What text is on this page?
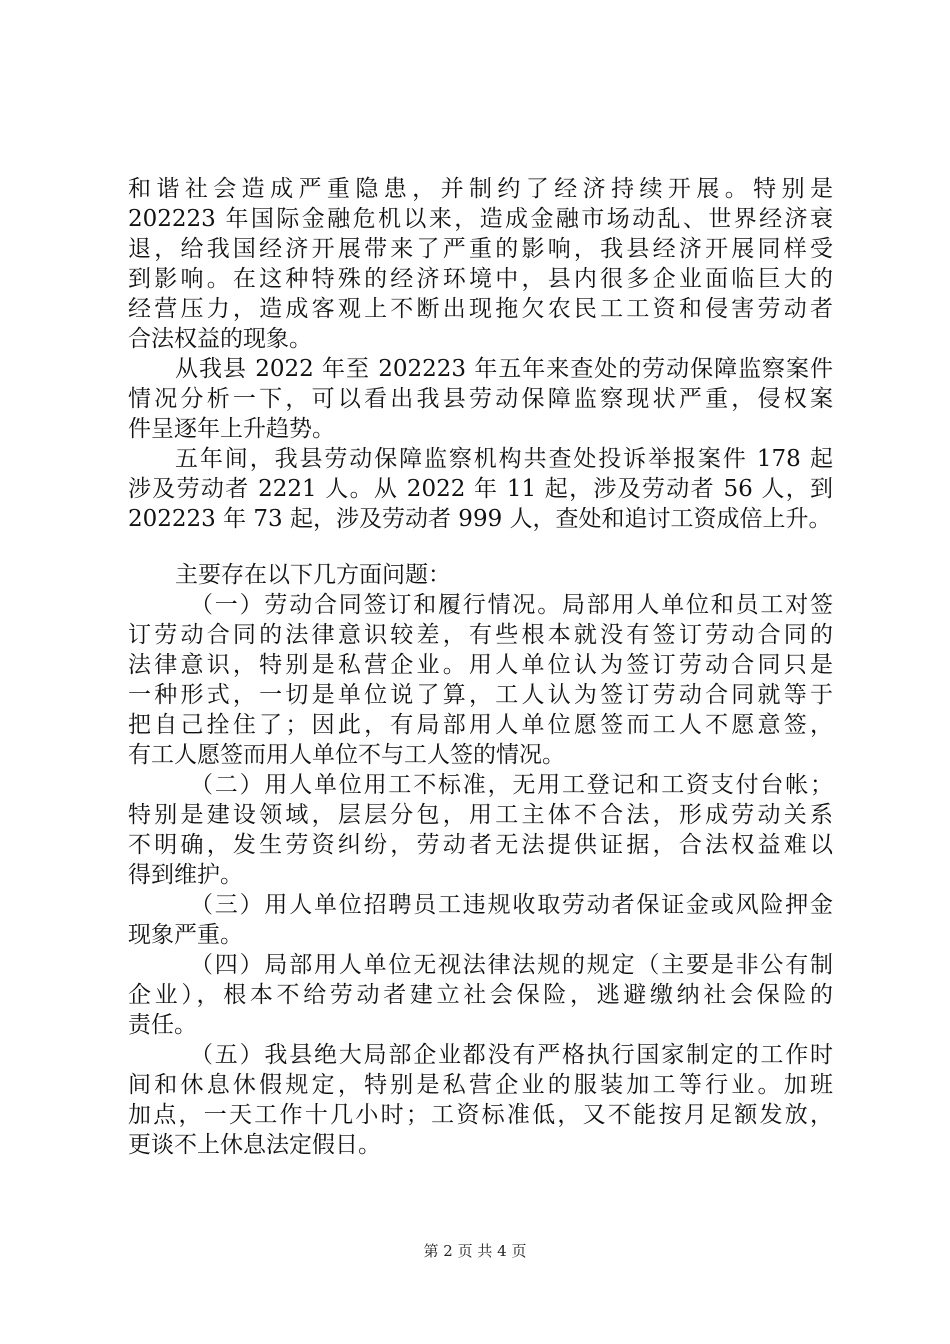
和谐社会造成严重隐患，并制约了经济持续开展。特别是
202223 年国际金融危机以来，造成金融市场动乱、世界经济衰
退，给我国经济开展带来了严重的影响，我县经济开展同样受
到影响。在这种特殊的经济环境中，县内很多企业面临巨大的
经营压力，造成客观上不断出现拖欠农民工工资和侵害劳动者
合法权益的现象。
从我县 2022 年至 202223 年五年来查处的劳动保障监察案件
情况分析一下，可以看出我县劳动保障监察现状严重，侵权案
件呈逐年上升趋势。
五年间，我县劳动保障监察机构共查处投诉举报案件 178 起
涉及劳动者 2221 人。从 2022 年 11 起，涉及劳动者 56 人，到
202223 年 73 起，涉及劳动者 999 人，查处和追讨工资成倍上升。
主要存在以下几方面问题：
（一）劳动合同签订和履行情况。局部用人单位和员工对签
订劳动合同的法律意识较差，有些根本就没有签订劳动合同的
法律意识，特别是私营企业。用人单位认为签订劳动合同只是
一种形式，一切是单位说了算，工人认为签订劳动合同就等于
把自己拴住了；因此，有局部用人单位愿签而工人不愿意签，
有工人愿签而用人单位不与工人签的情况。
（二）用人单位用工不标准，无用工登记和工资支付台帐；
特别是建设领域，层层分包，用工主体不合法，形成劳动关系
不明确，发生劳资纠纷，劳动者无法提供证据，合法权益难以
得到维护。
（三）用人单位招聘员工违规收取劳动者保证金或风险押金
现象严重。
（四）局部用人单位无视法律法规的规定（主要是非公有制
企业），根本不给劳动者建立社会保险，逃避缴纳社会保险的
责任。
（五）我县绝大局部企业都没有严格执行国家制定的工作时
间和休息休假规定，特别是私营企业的服装加工等行业。加班
加点，一天工作十几小时；工资标准低，又不能按月足额发放，
更谈不上休息法定假日。
第 2 页 共 4 页
